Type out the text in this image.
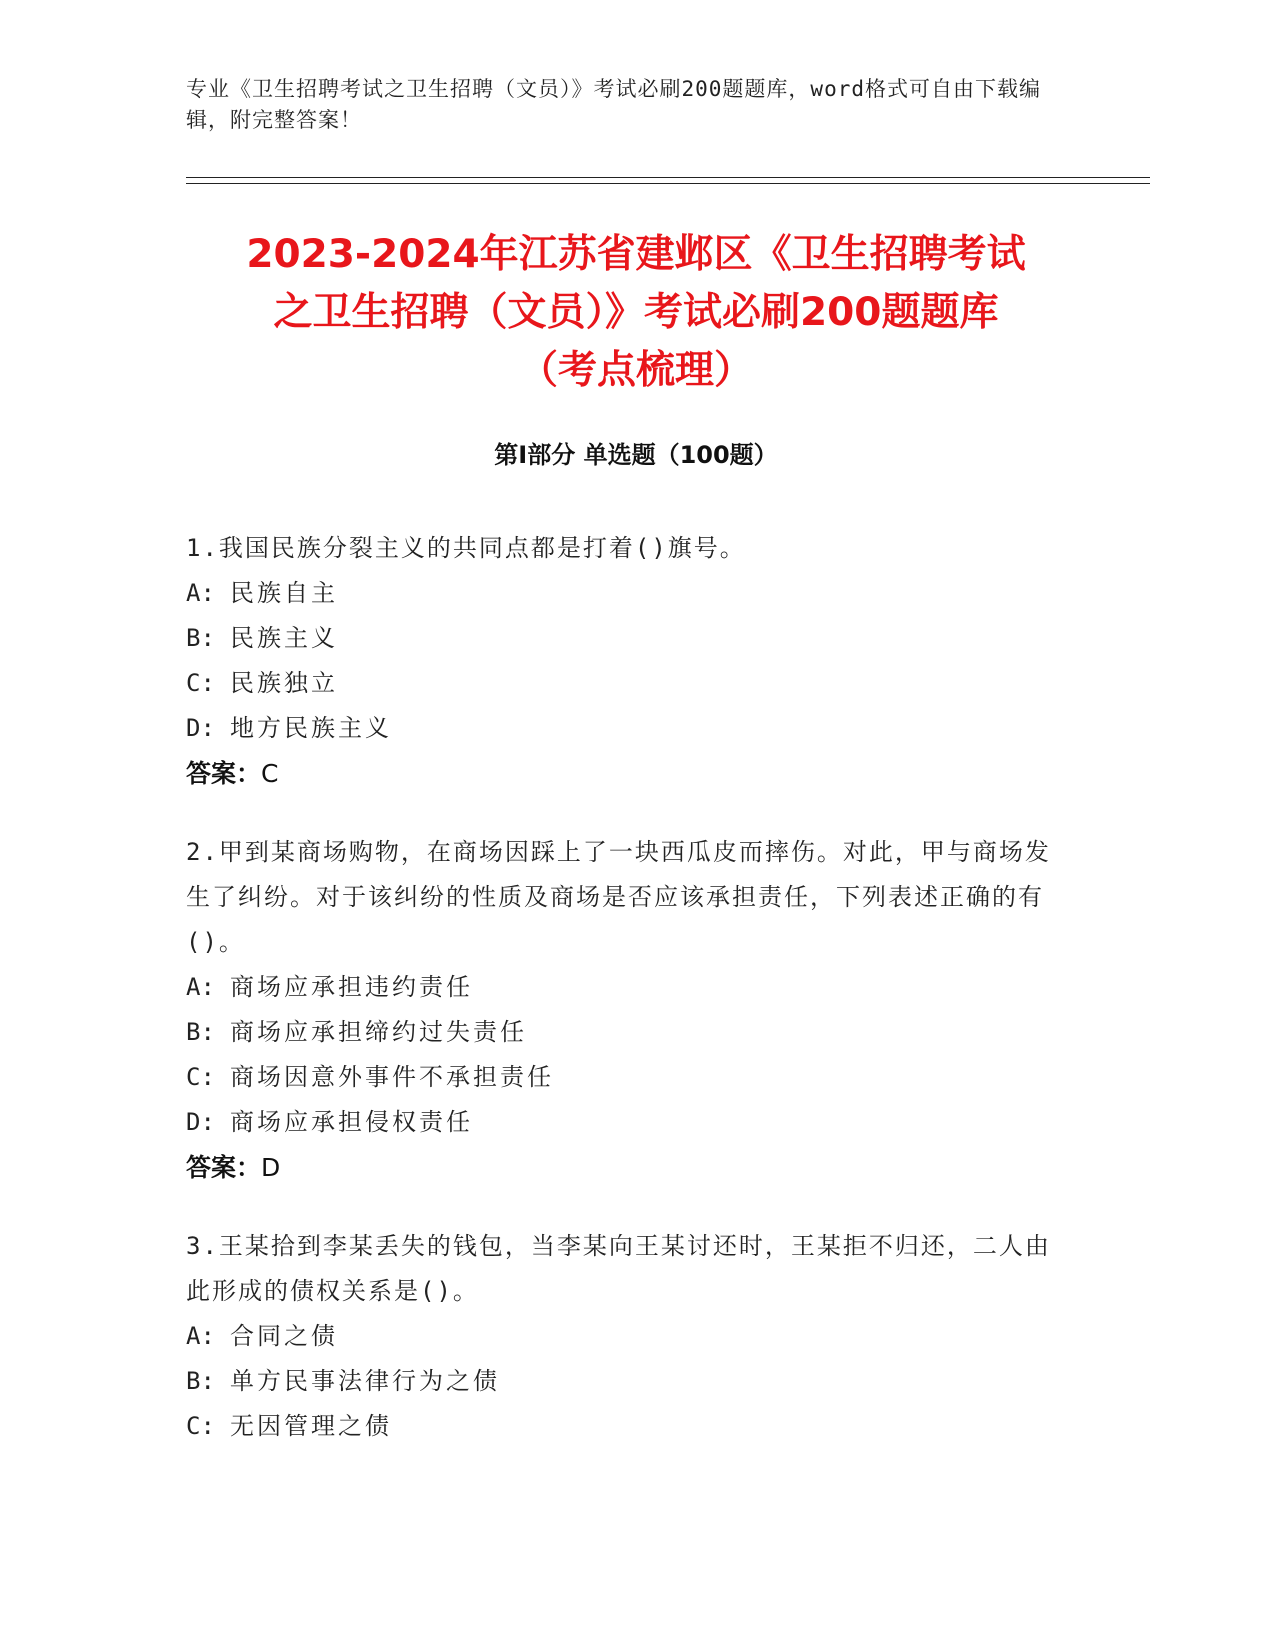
专业《卫生招聘考试之卫生招聘（文员）》考试必刷200题题库，word格式可自由下载编辑，附完整答案！
2023-2024年江苏省建邺区《卫生招聘考试
之卫生招聘（文员）》考试必刷200题题库
（考点梳理）
第Ⅰ部分 单选题（100题）
1.我国民族分裂主义的共同点都是打着()旗号。
A: 民族自主
B: 民族主义
C: 民族独立
D: 地方民族主义
答案：C
2.甲到某商场购物，在商场因踩上了一块西瓜皮而摔伤。对此，甲与商场发生了纠纷。对于该纠纷的性质及商场是否应该承担责任，下列表述正确的有()。
A: 商场应承担违约责任
B: 商场应承担缔约过失责任
C: 商场因意外事件不承担责任
D: 商场应承担侵权责任
答案：D
3.王某拾到李某丢失的钱包，当李某向王某讨还时，王某拒不归还，二人由此形成的债权关系是()。
A: 合同之债
B: 单方民事法律行为之债
C: 无因管理之债
